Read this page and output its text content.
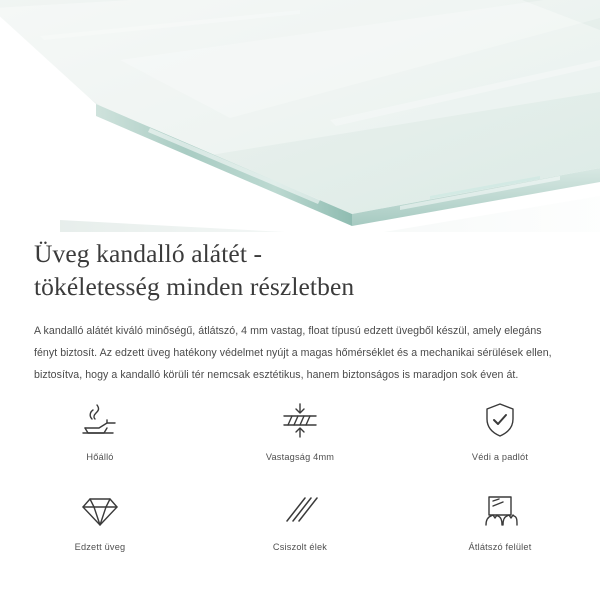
Üveg kandalló alátét -
tökéletesség minden részletben

A kandalló alátét kiváló minőségű, átlátszó, 4 mm vastag, float típusú edzett üvegből készül, amely elegáns fényt biztosít. Az edzett üveg hatékony védelmet nyújt a magas hőmérséklet és a mechanikai sérülések ellen, biztosítva, hogy a kandalló körüli tér nemcsak esztétikus, hanem biztonságos is maradjon sok éven át.

Hőálló	Vastagság 4mm	Védi a padlót
Edzett üveg	Csiszolt élek	Átlátszó felület
